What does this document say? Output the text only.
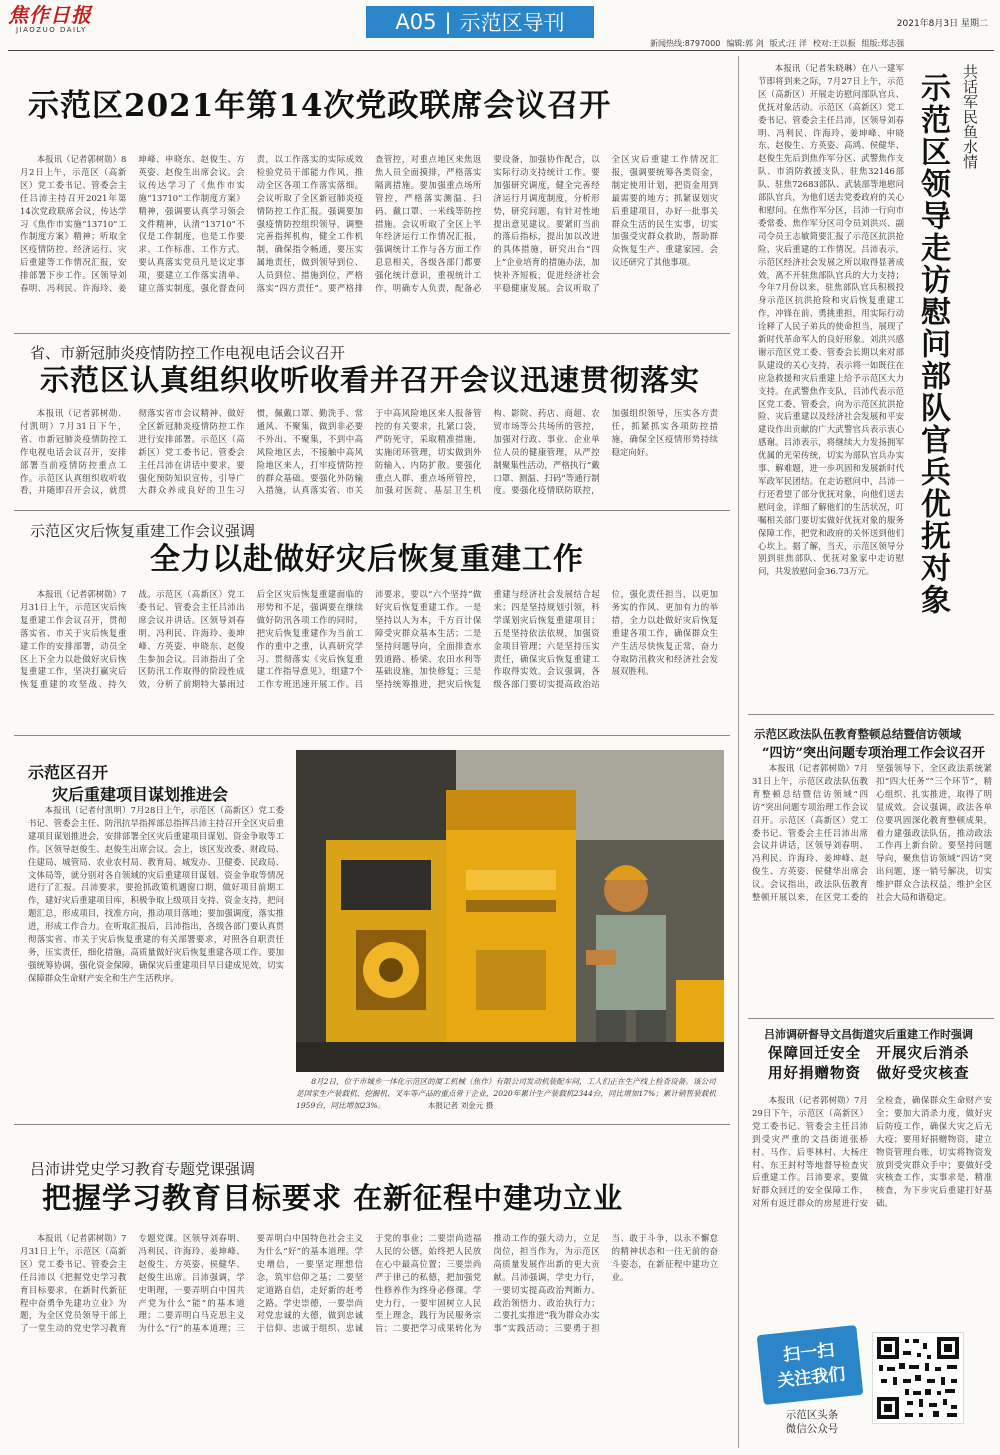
焦作日报
JIAOZUO DAILY	A05 | 示范区导刊	2021年8月3日 星期二
新闻热线:8797000 编辑:郭 剑 版式:汪 洋 校对:王以振 组版:郑志强
示范区2021年第14次党政联席会议召开
本报讯（记者郭树勋）8月2日上午，示范区（高新区）党工委书记、管委会主任吕沛主持召开2021年第14次党政联席会议，传达学习《焦作市实施“13710”工作制度方案》精神；听取全区疫情防控、经济运行、灾后重建等工作情况汇报，安排部署下步工作。区领导刘春明、冯利民、许海玲、姜坤峰、申晓东、赵俊生、方英姿、赵俊生出席会议。会议传达学习了《焦作市实施“13710”工作制度方案》精神，强调要认真学习领会文件精神，认清“13710”不仅是工作制度，也是工作要求、工作标准、工作方式。要认真落实党员凡是议定事项，要建立工作落实清单、建立落实制度，强化督查问责，以工作落实的实际成效检验党员干部能力作风，推动全区各项工作落实落细。会议听取了全区新冠肺炎疫情防控工作汇报。强调要加强疫情防控组织领导，调整完善指挥机构，健全工作机制，确保指令畅通，要压实属地责任，做到领导到位、人员到位、措施到位，严格落实“四方责任”。要严格排查管控，对重点地区来焦返焦人员全面摸排，严格落实隔离措施。要加强重点场所管控，严格落实测温、扫码、戴口罩、一米线等防控措施。会议听取了全区上半年经济运行工作情况汇报，强调统计工作与各方面工作息息相关，各级各部门都要强化统计意识，重视统计工作，明确专人负责，配备必要设备，加强协作配合，以实际行动支持统计工作。要加强研究调度，健全完善经济运行月调度制度，分析形势，研究问题，有针对性地提出意见建议。要紧盯当前的落后指标，提出加以改进的具体措施，研究出台“四上”企业培育的措施办法，加快补齐短板，促进经济社会平稳健康发展。会议听取了全区灾后重建工作情况汇报，强调要统筹各类资金，制定使用计划，把资金用到最需要的地方；抓紧谋划灾后重建项目，办好一批事关群众生活的民生实事，切实加强受灾群众救助，帮助群众恢复生产、重建家园。会议还研究了其他事项。
省、市新冠肺炎疫情防控工作电视电话会议召开
示范区认真组织收听收看并召开会议迅速贯彻落实
本报讯（记者郭树勋、付凯明）7月31日下午，省、市新冠肺炎疫情防控工作电视电话会议召开，安排部署当前疫情防控重点工作。示范区认真组织收听收看，并随即召开会议，就贯彻落实省市会议精神、做好全区新冠肺炎疫情防控工作进行安排部署。示范区（高新区）党工委书记、管委会主任吕沛在讲话中要求，要强化预防知识宣传，引导广大群众养成良好的卫生习惯，佩戴口罩、勤洗手、常通风、不聚集，做到非必要不外出、不聚集，不到中高风险地区去，不接触中高风险地区来人，打牢疫情防控的群众基础。要强化外防输入措施，认真落实省、市关于中高风险地区来人报备管控的有关要求，扎紧口袋，严防死守，采取精准措施，实施闭环管理，切实做到外防输入、内防扩散。要强化重点人群、重点场所管控，加强对医院、基层卫生机构、影院、药店、商超、农贸市场等公共场所的管控，加强对行政、事业、企业单位人员的健康管理，从严控制聚集性活动，严格执行“戴口罩、测温、扫码”等通行制度。要强化疫情联防联控，加强组织领导，压实各方责任，抓紧抓实各项防控措施，确保全区疫情形势持续稳定向好。
示范区灾后恢复重建工作会议强调
全力以赴做好灾后恢复重建工作
本报讯（记者郭树勋）7月31日上午，示范区灾后恢复重建工作会议召开，贯彻落实省、市关于灾后恢复重建工作的安排部署，动员全区上下全力以赴做好灾后恢复重建工作，坚决打赢灾后恢复重建的攻坚战、持久战。示范区（高新区）党工委书记、管委会主任吕沛出席会议并讲话。区领导刘春明、冯利民、许海玲、姜坤峰、方英姿、申晓东、赵俊生参加会议。吕沛指出了全区防汛工作取得的阶段性成效，分析了前期特大暴雨过后全区灾后恢复重建面临的形势和不足，强调要在继续做好防汛各项工作的同时，把灾后恢复重建作为当前工作的重中之重，认真研究学习、贯彻落实《灾后恢复重建工作指导意见》，组建7个工作专班迅速开展工作。吕沛要求，要以“六个坚持”做好灾后恢复重建工作。一是坚持以人为本，千方百计保障受灾群众基本生活；二是坚持问题导向，全面排查水毁道路、桥梁、农田水利等基础设施，加快修复；三是坚持统筹推进，把灾后恢复重建与经济社会发展结合起来；四是坚持规划引领，科学谋划灾后恢复重建项目；五是坚持依法依规，加强资金项目管理；六是坚持压实责任，确保灾后恢复重建工作取得实效。会议强调，各级各部门要切实提高政治站位，强化责任担当，以更加务实的作风、更加有力的举措，全力以赴做好灾后恢复重建各项工作，确保群众生产生活尽快恢复正常，奋力夺取防汛救灾和经济社会发展双胜利。
示范区召开
灾后重建项目谋划推进会
本报讯（记者付凯明）7月28日上午，示范区（高新区）党工委书记、管委会主任、防汛抗旱指挥部总指挥吕沛主持召开全区灾后重建项目谋划推进会，安排部署全区灾后重建项目谋划、资金争取等工作。区领导赵俊生、赵俊生出席会议。会上，该区发改委、财政局、住建局、城管局、农业农村局、教育局、城发办、卫健委、民政局、文体局等，就分别对各自领域的灾后重建项目谋划、资金争取等情况进行了汇报。吕沛要求，要抢抓政策机遇窗口期，做好项目前期工作，建好灾后重建项目库，积极争取上级项目支持、资金支持，把问题汇总，形成项目，找准方向，推动项目落地；要加强调度，落实推进，形成工作合力。在听取汇报后，吕沛指出，各级各部门要认真贯彻落实省、市关于灾后恢复重建的有关部署要求，对照各自职责任务，压实责任，细化措施，高质量做好灾后恢复重建各项工作。要加强统筹协调，强化资金保障，确保灾后重建项目早日建成见效，切实保障群众生命财产安全和生产生活秩序。
8月2日，位于市城乡一体化示范区的厦工机械（焦作）有限公司发动机装配车间，工人们正在生产线上检查设备。该公司是国家生产装载机、挖掘机、叉车等产品的重点骨干企业，2020年累计生产装载机2344台，同比增加17%；累计销售装载机1959台，同比增加23%。	本报记者 刘金元 摄
吕沛讲党史学习教育专题党课强调
把握学习教育目标要求 在新征程中建功立业
本报讯（记者郭树勋）7月31日上午，示范区（高新区）党工委书记、管委会主任吕沛以《把握党史学习教育目标要求，在新时代新征程中奋勇争先建功立业》为题，为全区党员领导干部上了一堂生动的党史学习教育专题党课。区领导刘春明、冯利民、许海玲、姜坤峰、赵俊生、方英姿、侯健华、赵俊生出席。吕沛强调，学史明理，一要弄明白中国共产党为什么“能”的基本道理；二要弄明白马克思主义为什么“行”的基本道理；三要弄明白中国特色社会主义为什么“好”的基本道理。学史增信，一要坚定理想信念，筑牢信仰之基；二要坚定道路自信，走好新的赶考之路。学史崇德，一要崇尚对党忠诚的大德，做到忠诚于信仰、忠诚于组织、忠诚于党的事业；二要崇尚造福人民的公德，始终把人民放在心中最高位置；三要崇尚严于律己的私德，把加强党性修养作为终身必修课。学史力行，一要牢固树立人民至上理念，践行为民服务宗旨；二要把学习成果转化为推动工作的强大动力，立足岗位，担当作为，为示范区高质量发展作出新的更大贡献。吕沛强调，学史力行，一要切实提高政治判断力、政治领悟力、政治执行力；二要扎实推进“我为群众办实事”实践活动；三要勇于担当、敢于斗争，以永不懈怠的精神状态和一往无前的奋斗姿态，在新征程中建功立业。
共话军民鱼水情
示范区领导走访慰问部队官兵优抚对象
本报讯（记者朱晓琳）在八一建军节即将到来之际，7月27日上午，示范区（高新区）开展走访慰问部队官兵、优抚对象活动。示范区（高新区）党工委书记、管委会主任吕沛，区领导刘春明、冯利民、许海玲、姜坤峰、申晓东、赵俊生、方英姿、高鸿、侯健华、赵俊生先后到焦作军分区、武警焦作支队、市消防救援支队、驻焦32146部队、驻焦72683部队、武装部等地慰问部队官兵，为他们送去党委政府的关心和慰问。在焦作军分区，吕沛一行向市委常委、焦作军分区司令员刘洪兴、副司令员王志敏简要汇报了示范区抗洪抢险、灾后重建的工作情况。吕沛表示，示范区经济社会发展之所以取得显著成效，离不开驻焦部队官兵的大力支持；今年7月份以来，驻焦部队官兵积极投身示范区抗洪抢险和灾后恢复重建工作，冲锋在前、勇挑重担，用实际行动诠释了人民子弟兵的使命担当，展现了新时代革命军人的良好形象。刘洪兴感谢示范区党工委、管委会长期以来对部队建设的关心支持，表示将一如既往在应急救援和灾后重建上给予示范区大力支持。在武警焦作支队，吕沛代表示范区党工委、管委会，向为示范区抗洪抢险、灾后重建以及经济社会发展和平安建设作出贡献的广大武警官兵表示衷心感谢。吕沛表示，将继续大力发扬拥军优属的光荣传统，切实为部队官兵办实事、解难题，进一步巩固和发展新时代军政军民团结。在走访慰问中，吕沛一行还看望了部分优抚对象，向他们送去慰问金，详细了解他们的生活状况，叮嘱相关部门要切实做好优抚对象的服务保障工作，把党和政府的关怀送到他们心坎上。据了解，当天，示范区领导分别到驻焦部队、优抚对象家中走访慰问，共发放慰问金36.73万元。
示范区政法队伍教育整顿总结暨信访领域
“四访”突出问题专项治理工作会议召开
本报讯（记者郭树勋）7月31日上午，示范区政法队伍教育整顿总结暨信访领域“四访”突出问题专项治理工作会议召开。示范区（高新区）党工委书记、管委会主任吕沛出席会议并讲话，区领导刘春明、冯利民、许海玲、姜坤峰、赵俊生、方英姿、侯健华出席会议。会议指出，政法队伍教育整顿开展以来，在区党工委的坚强领导下，全区政法系统紧扣“四大任务”“三个环节”，精心组织、扎实推进，取得了明显成效。会议强调，政法各单位要巩固深化教育整顿成果，着力建强政法队伍，推动政法工作再上新台阶。要坚持问题导向，聚焦信访领域“四访”突出问题，逐一销号解决，切实维护群众合法权益，维护全区社会大局和谐稳定。
吕沛调研督导文昌街道灾后重建工作时强调
保障回迁安全　开展灾后消杀
用好捐赠物资　做好受灾核查
本报讯（记者郭树勋）7月29日下午，示范区（高新区）党工委书记、管委会主任吕沛到受灾严重的文昌街道张桥村、马作、后枣林村、大杨庄村、东王封村等地督导检查灾后重建工作。吕沛要求，要做好群众回迁的安全保障工作，对所有返迁群众的房屋进行安全检查，确保群众生命财产安全；要加大消杀力度，做好灾后防疫工作，确保大灾之后无大疫；要用好捐赠物资，建立物资管理台账，切实将物资发放到受灾群众手中；要做好受灾核查工作，实事求是、精准核查，为下步灾后重建打好基础。
扫一扫
关注我们
示范区头条
微信公众号
